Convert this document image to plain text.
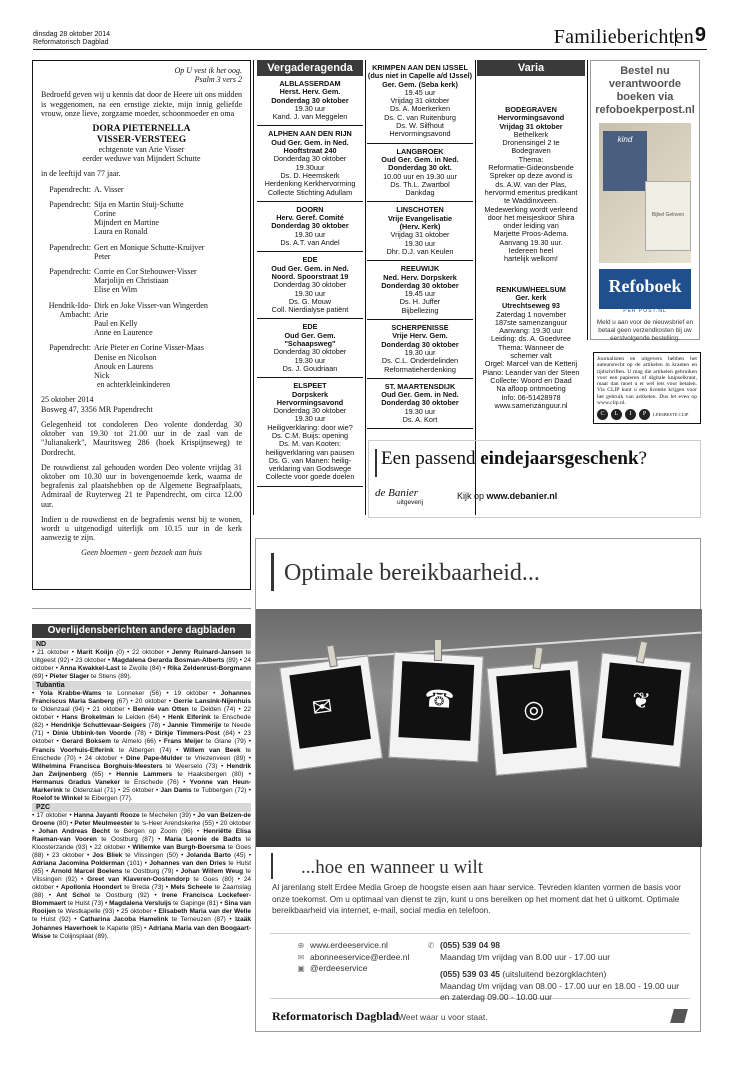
dinsdag 28 oktober 2014
Reformatorisch Dagblad	Familieberichten 9
Op U vest ik het oog.
Psalm 3 vers 2

Bedroefd geven wij u kennis dat door de Heere uit ons midden is weggenomen, na een ernstige ziekte, mijn innig geliefde vrouw, onze lieve, zorgzame moeder, schoonmoeder en oma

DORA PIETERNELLA
VISSER-VERSTEEG
echtgenote van Arie Visser
eerder weduwe van Mijndert Schutte

in de leeftijd van 77 jaar.

Papendrecht: A. Visser
Papendrecht: Sija en Martin Stuij-Schutte
Corine
Mijndert en Martine
Laura en Ronald
Papendrecht: Gert en Monique Schutte-Kruijver
Peter
Papendrecht: Corrie en Cor Stehouwer-Visser
Marjolijn en Christiaan
Elise en Wim
Hendrik-Ido-Ambacht:
Dirk en Joke Visser-van Wingerden
Arie
Paul en Kelly
Anne en Laurence
Papendrecht: Arie Pieter en Corine Visser-Maas
Denise en Nicolson
Anouk en Laurens
Nick
en achterkleinkinderen

25 oktober 2014

Bosweg 47, 3356 MR Papendrecht

Gelegenheid tot condoleren Deo volente donderdag 30 oktober van 19.30 tot 21.00 uur in de zaal van de "Julianakerk", Mauritsweg 286 (hoek Krispijnseweg) te Dordrecht.

De rouwdienst zal gehouden worden Deo volente vrijdag 31 oktober om 10.30 uur in bovengenoemde kerk, waarna de begrafenis zal plaatshebben op de Algemene Begraafplaats, Admiraal de Ruyterweg 21 te Papendrecht, om circa 12.00 uur.

Indien u de rouwdienst en de begrafenis wenst bij te wonen, wordt u uitgenodigd uiterlijk om 10.15 uur in de kerk aanwezig te zijn.

Geen bloemen - geen bezoek aan huis
Vergaderagenda
ALBLASSERDAM
Herst. Herv. Gem.
Donderdag 30 oktober
19.30 uur
Kand. J. van Meggelen
ALPHEN AAN DEN RIJN
Oud Ger. Gem. in Ned.
Hooftstraat 240
Donderdag 30 oktober
19.30uur
Ds. D. Heemskerk
Herdenking Kerkhervorming
Collecte Stichting Adullam
DOORN
Herv. Geref. Comité
Donderdag 30 oktober
19.30 uur
Ds. A.T. van Andel
EDE
Oud Ger. Gem. in Ned.
Noord. Spoorstraat 19
Donderdag 30 oktober
19.30 uur
Ds. G. Mouw
Coll. Nierdialyse patiënt
EDE
Oud Ger. Gem.
"Schaapsweg"
Donderdag 30 oktober
19.30 uur
Ds. J. Goudriaan
ELSPEET
Dorpskerk
Hervormingsavond
Donderdag 30 oktober
19.30 uur
Heiligverklaring: door wie?
Ds. C.M. Buijs: opening
Ds. M. van Kooten:
heiligverklaring van pausen
Ds. G. van Manen: heilig-
verklaring van Godswege
Collecte voor goede doelen
KRIMPEN AAN DEN IJSSEL
(dus niet in Capelle a/d IJssel)
Ger. Gem. (Seba kerk)
19.45 uur
Vrijdag 31 oktober
Ds. A. Moerkerken
Ds. C. van Ruitenburg
Ds. W. Silfhout
Hervormingsavond
LANGBROEK
Oud Ger. Gem. in Ned.
Donderdag 30 okt.
10.00 uur en 19.30 uur
Ds. Th.L. Zwartbol
Dankdag
LINSCHOTEN
Vrije Evangelisatie
(Herv. Kerk)
Vrijdag 31 oktober
19.30 uur
Dhr. D.J. van Keulen
REEUWIJK
Ned. Herv. Dorpskerk
Donderdag 30 oktober
19.45 uur
Ds. H. Juffer
Bijbellezing
SCHERPENISSE
Vrije Herv. Gem.
Donderdag 30 oktober
19.30 uur
Ds. C.L. Onderdelinden
Reformatieherdenking
ST. MAARTENSDIJK
Oud Ger. Gem. in Ned.
Donderdag 30 oktober
19.30 uur
Ds. A. Kort
Varia
BODEGRAVEN
Hervormingsavond
Vrijdag 31 oktober
Bethelkerk
Dronensingel 2 te
Bodegraven
Thema:
Reformatie-Gideonsbende
Spreker op deze avond is
ds. A.W. van der Plas,
hervormd emeritus predikant
te Waddinxveen.
Medewerking wordt verleend
door het meisjeskoor Shira
onder leiding van
Marjette Proos-Adema.
Aanvang 19.30 uur.
Iedereen heel
hartelijk welkom!
RENKUM/HEELSUM
Ger. kerk
Utrechtseweg 93
Zaterdag 1 november
187ste samenzanguur
Aanvang: 19.30 uur
Leiding: ds. A. Goedvree
Thema: Wanneer de
schemer valt
Orgel: Marcel van de Ketterij
Piano: Leander van der Steen
Collecte: Woord en Daad
Na afloop ontmoeting
Info: 06-51428978
www.samenzanguur.nl
Bestel nu
verantwoorde
boeken via
refoboekperpost.nl
kind
Bijbel Geloven
Refoboek
PER POST.NL
Meld u aan voor de nieuwsbrief en betaal geen verzendkosten bij uw eerstvolgende bestelling.
Journalisten en uitgevers hebben het auteursrecht op de artikelen in kranten en tijdschriften. U mag die artikelen gebruiken voor een papieren of digitale knipselkrant, maar dan moet u er wel iets voor betalen. Via CLIP kunt u een licentie krijgen voor het gebruik van artikelen. Dus let even op www.clip.nl.
C	L	I	P	LEESBESTE CLIP
Een passend eindejaarsgeschenk?
de Banier
uitgeverij
Kijk op www.debanier.nl
Optimale bereikbaarheid...
✉	☎	◎	❦
...hoe en wanneer u wilt
Al jarenlang stelt Erdee Media Groep de hoogste eisen aan haar service. Tevreden klanten vormen de basis voor onze toekomst. Om u optimaal van dienst te zijn, kunt u ons bereiken op het moment dat het ú uitkomt. Optimale bereikbaarheid via internet, e-mail, social media en telefoon.
⊕ www.erdeeservice.nl
✉ abonneeservice@erdee.nl
▣ @erdeeservice
✆ (055) 539 04 98
Maandag t/m vrijdag van 8.00 uur - 17.00 uur
(055) 539 03 45 (uitsluitend bezorgklachten)
Maandag t/m vrijdag van 08.00 - 17.00 uur en 18.00 - 19.00 uur
en zaterdag 09.00 - 10.00 uur
Reformatorisch Dagblad Weet waar u voor staat.
Overlijdensberichten andere dagbladen
ND
• 21 oktober • Marit Koiijn (0) • 22 oktober • Jenny Ruinard-Jansen te Uitgeest (92) • 23 oktober • Magdalena Gerarda Bosman-Alberts (89) • 24 oktober • Anna Kwakkel-Last te Zwolle (84) • Rika Zeldenrust-Borgmann (69) • Pieter Slager te Stiens (89).
Tubantia
• Yola Krabbe-Wams te Lonneker (56) • 19 oktober • Johannes Franciscus Maria Sanberg (67) • 20 oktober • Gerrie Lansink-Nijenhuis te Oldenzaal (94) • 21 oktober • Bennie van Otten te Delden (74) • 22 oktober • Hans Brokelman te Leiden (64) • Henk Elferink te Enschede (82) • Hendrikje Schuttevaar-Seigers (78) • Jannie Timmerije te Neede (71) • Dinie Ubbink-ten Voorde (78) • Dirkje Timmers-Post (84) • 23 oktober • Gerard Boksem te Almelo (66) • Frans Meijer te Glane (79) • Francis Voorhuis-Elferink te Albergen (74) • Willem van Beek te Enschede (70) • 24 oktober • Dine Pape-Mulder te Vriezenveen (89) • Wilhelmina Francisca Borghuis-Meesters te Weerselo (73) • Hendrik Jan Zwijnenberg (65) • Hennie Lammers te Haaksbergen (80) • Hermanus Gradus Vaneker te Enschede (76) • Yvonne van Heun-Markerink te Oldenzaal (71) • 25 oktober • Jan Dams te Tubbergen (72) • Roelof te Winkel te Eibergen (77).
PZC
• 17 oktober • Hanna Jayanti Rooze te Mechelen (39) • Jo van Belzen-de Groene (80) • Peter Meulmeester te 's-Heer Arendskerke (55) • 20 oktober • Johan Andreas Becht te Bergen op Zoom (96) • Henriëtte Elisa Raeman-van Vooren te Oostburg (87) • Maria Leonie de Badts te Kloosterzande (93) • 22 oktober • Willemke van Burgh-Boersma te Goes (88) • 23 oktober • Jos Bliek te Vlissingen (50) • Jolanda Barto (45) • Adriana Jacomina Polderman (101) • Johannes van den Dries te Hulst (85) • Arnold Marcel Boelens te Oostburg (79) • Johan Willem Weug te Vlissingen (92) • Greet van Klaveren-Oostendorp te Goes (80) • 24 oktober • Apollonia Hoondert te Breda (73) • Mels Scheele te Zaamslag (88) • Ant Schol te Oostburg (92) • Irene Francisca Lockefeer-Blommaert te Hulst (73) • Magdalena Versluijs te Gapinge (81) • Sina van Rooijen te Westkapelle (93) • 25 oktober • Elisabeth Maria van der Welle te Hulst (92) • Catharina Jacoba Hamelink te Terneuzen (87) • Izaäk Johannes Haverhoek te Kapelle (85) • Adriana Maria van den Boogaart-Wisse te Colijnsplaat (89).
